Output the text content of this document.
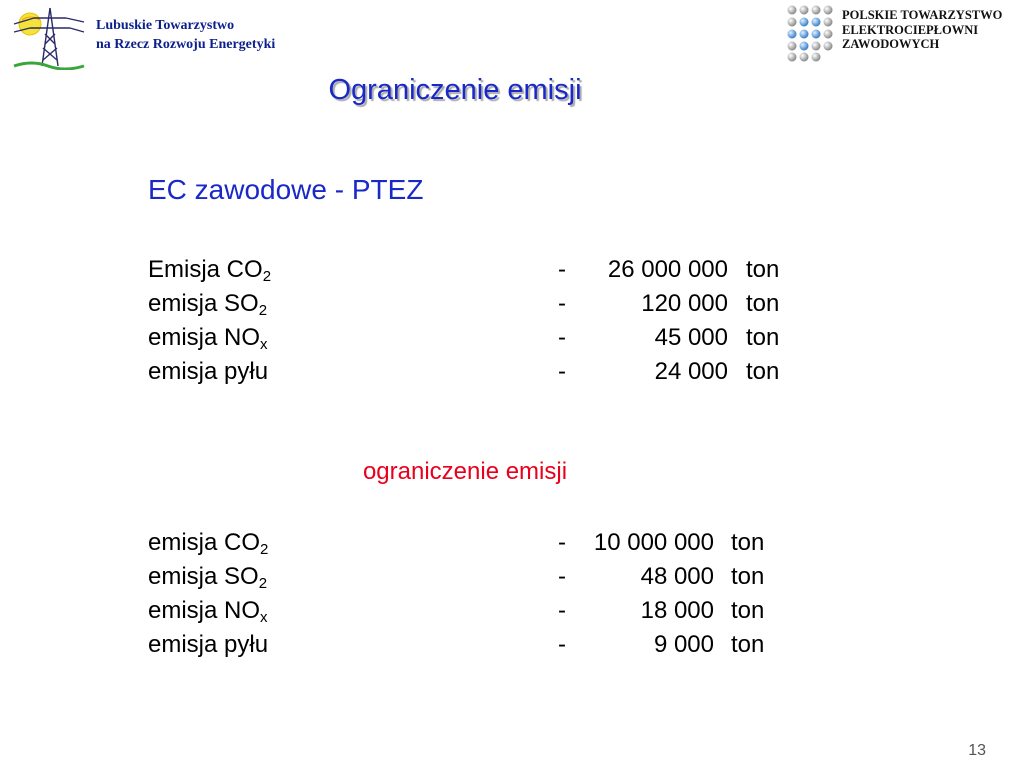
Lubuskie Towarzystwo
na Rzecz Rozwoju Energetyki
POLSKIE TOWARZYSTWO
ELEKTROCIEPŁOWNI
ZAWODOWYCH
Ograniczenie emisji
EC zawodowe - PTEZ
Emisja $CO_2$	-	26 000 000 ton
emisja $SO_2$	-	120 000 ton
emisja $NO_x$	-	45 000 ton
emisja pyłu	-	24 000 ton
ograniczenie emisji
emisja $CO_2$	-	10 000 000 ton
emisja $SO_2$	-	48 000 ton
emisja $NO_x$	-	18 000 ton
emisja pyłu	-	9 000 ton
13
